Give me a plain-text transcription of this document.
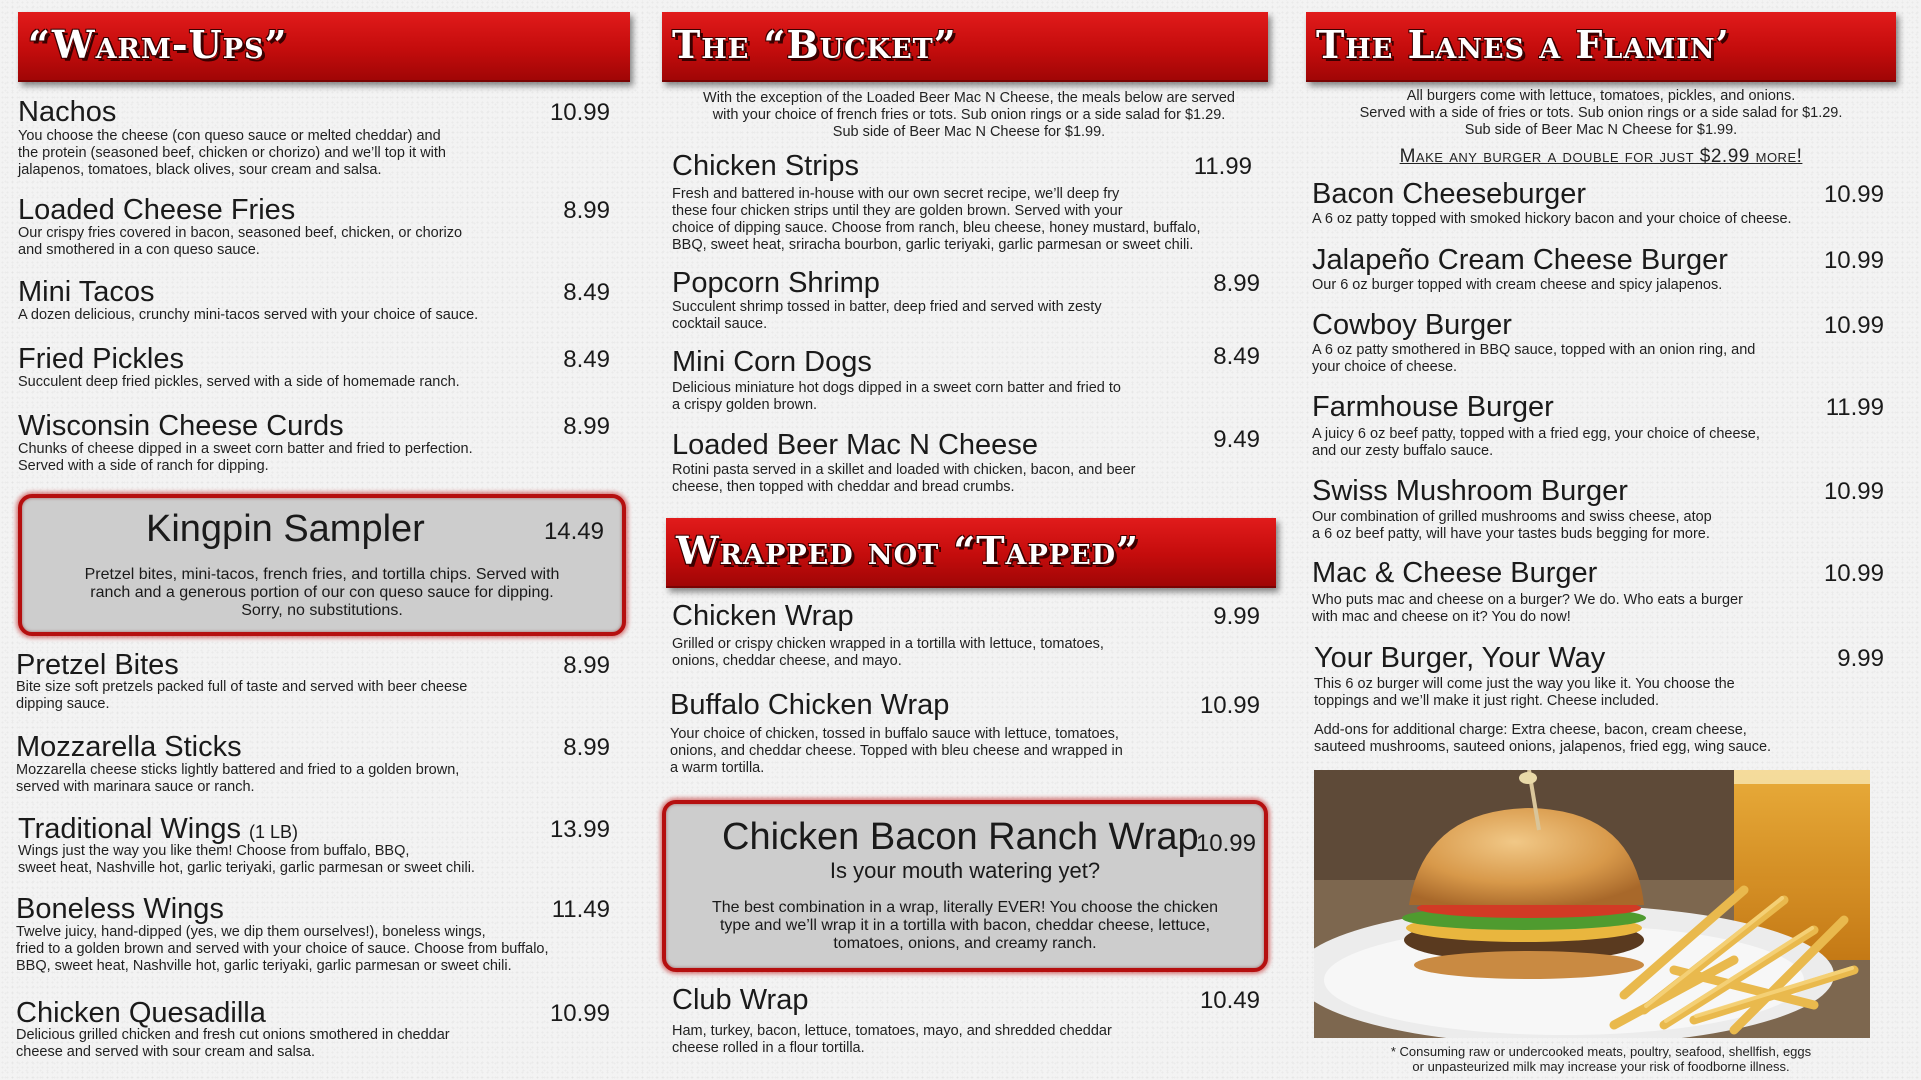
“Warm-Ups”
Nachos	10.99
You choose the cheese (con queso sauce or melted cheddar) and
the protein (seasoned beef, chicken or chorizo) and we’ll top it with
jalapenos, tomatoes, black olives, sour cream and salsa.
Loaded Cheese Fries	8.99
Our crispy fries covered in bacon, seasoned beef, chicken, or chorizo
and smothered in a con queso sauce.
Mini Tacos	8.49
A dozen delicious, crunchy mini-tacos served with your choice of sauce.
Fried Pickles	8.49
Succulent deep fried pickles, served with a side of homemade ranch.
Wisconsin Cheese Curds	8.99
Chunks of cheese dipped in a sweet corn batter and fried to perfection.
Served with a side of ranch for dipping.
Kingpin Sampler	14.49
Pretzel bites, mini-tacos, french fries, and tortilla chips. Served with
ranch and a generous portion of our con queso sauce for dipping.
Sorry, no substitutions.
Pretzel Bites	8.99
Bite size soft pretzels packed full of taste and served with beer cheese
dipping sauce.
Mozzarella Sticks	8.99
Mozzarella cheese sticks lightly battered and fried to a golden brown,
served with marinara sauce or ranch.
Traditional Wings (1 LB)	13.99
Wings just the way you like them! Choose from buffalo, BBQ,
sweet heat, Nashville hot, garlic teriyaki, garlic parmesan or sweet chili.
Boneless Wings	11.49
Twelve juicy, hand-dipped (yes, we dip them ourselves!), boneless wings,
fried to a golden brown and served with your choice of sauce. Choose from buffalo,
BBQ, sweet heat, Nashville hot, garlic teriyaki, garlic parmesan or sweet chili.
Chicken Quesadilla	10.99
Delicious grilled chicken and fresh cut onions smothered in cheddar
cheese and served with sour cream and salsa.
The “Bucket”
With the exception of the Loaded Beer Mac N Cheese, the meals below are served
with your choice of french fries or tots. Sub onion rings or a side salad for $1.29.
Sub side of Beer Mac N Cheese for $1.99.
Chicken Strips	11.99
Fresh and battered in-house with our own secret recipe, we’ll deep fry
these four chicken strips until they are golden brown. Served with your
choice of dipping sauce. Choose from ranch, bleu cheese, honey mustard, buffalo,
BBQ, sweet heat, sriracha bourbon, garlic teriyaki, garlic parmesan or sweet chili.
Popcorn Shrimp	8.99
Succulent shrimp tossed in batter, deep fried and served with zesty
cocktail sauce.
Mini Corn Dogs	8.49
Delicious miniature hot dogs dipped in a sweet corn batter and fried to
a crispy golden brown.
Loaded Beer Mac N Cheese	9.49
Rotini pasta served in a skillet and loaded with chicken, bacon, and beer
cheese, then topped with cheddar and bread crumbs.
Wrapped not “Tapped”
Chicken Wrap	9.99
Grilled or crispy chicken wrapped in a tortilla with lettuce, tomatoes,
onions, cheddar cheese, and mayo.
Buffalo Chicken Wrap	10.99
Your choice of chicken, tossed in buffalo sauce with lettuce, tomatoes,
onions, and cheddar cheese. Topped with bleu cheese and wrapped in
a warm tortilla.
Chicken Bacon Ranch Wrap
10.99
Is your mouth watering yet?
The best combination in a wrap, literally EVER! You choose the chicken
type and we’ll wrap it in a tortilla with bacon, cheddar cheese, lettuce,
tomatoes, onions, and creamy ranch.
Club Wrap	10.49
Ham, turkey, bacon, lettuce, tomatoes, mayo, and shredded cheddar
cheese rolled in a flour tortilla.
The Lanes a Flamin’
All burgers come with lettuce, tomatoes, pickles, and onions.
Served with a side of fries or tots. Sub onion rings or a side salad for $1.29.
Sub side of Beer Mac N Cheese for $1.99.
Make any burger a double for just $2.99 more!
Bacon Cheeseburger	10.99
A 6 oz patty topped with smoked hickory bacon and your choice of cheese.
Jalapeño Cream Cheese Burger	10.99
Our 6 oz burger topped with cream cheese and spicy jalapenos.
Cowboy Burger	10.99
A 6 oz patty smothered in BBQ sauce, topped with an onion ring, and
your choice of cheese.
Farmhouse Burger	11.99
A juicy 6 oz beef patty, topped with a fried egg, your choice of cheese,
and our zesty buffalo sauce.
Swiss Mushroom Burger	10.99
Our combination of grilled mushrooms and swiss cheese, atop
a 6 oz beef patty, will have your tastes buds begging for more.
Mac & Cheese Burger	10.99
Who puts mac and cheese on a burger? We do. Who eats a burger
with mac and cheese on it? You do now!
Your Burger, Your Way	9.99
This 6 oz burger will come just the way you like it. You choose the
toppings and we’ll make it just right. Cheese included.
Add-ons for additional charge: Extra cheese, bacon, cream cheese,
sauteed mushrooms, sauteed onions, jalapenos, fried egg, wing sauce.
* Consuming raw or undercooked meats, poultry, seafood, shellfish, eggs
or unpasteurized milk may increase your risk of foodborne illness.
